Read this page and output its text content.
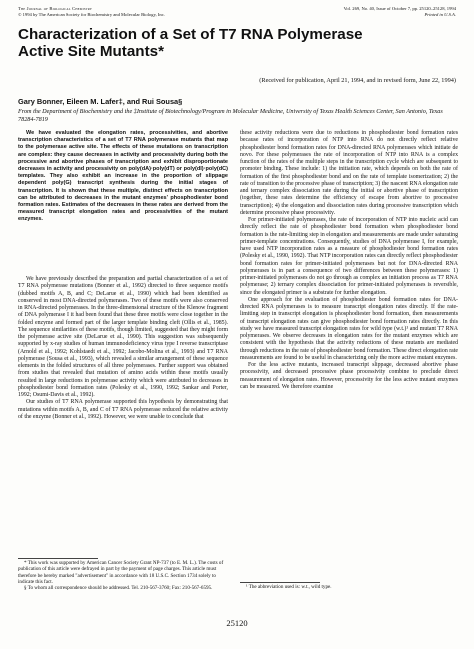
The Journal of Biological Chemistry
© 1994 by The American Society for Biochemistry and Molecular Biology, Inc.
Vol. 269, No. 40, Issue of October 7, pp. 25120–25128, 1994
Printed in U.S.A.
Characterization of a Set of T7 RNA Polymerase
Active Site Mutants*
(Received for publication, April 21, 1994, and in revised form, June 22, 1994)
Gary Bonner, Eileen M. Lafer‡, and Rui Sousa§
From the Department of Biochemistry and the ‡Institute of Biotechnology/Program in Molecular Medicine, University of Texas Health Sciences Center, San Antonio, Texas 78284-7819
We have evaluated the elongation rates, processivities, and abortive transcription characteristics of a set of T7 RNA polymerase mutants that map to the polymerase active site. The effects of these mutations on transcription are complex: they cause decreases in activity and processivity during both the processive and abortive phases of transcription and exhibit disproportionate decreases in activity and processivity on poly(dA)·poly(dT) or poly(dI)·poly(dC) templates. They also exhibit an increase in the proportion of slippage dependent poly(G) transcript synthesis during the initial stages of transcription. It is shown that these multiple, distinct effects on transcription can be attributed to decreases in the mutant enzymes' phosphodiester bond formation rates. Estimates of the decreases in these rates are derived from the measured transcript elongation rates and processivities of the mutant enzymes.

We have previously described the preparation and partial characterization of a set of T7 RNA polymerase mutations (Bonner et al., 1992) directed to three sequence motifs (dubbed motifs A, B, and C; DeLarue et al., 1990) which had been identified as conserved in most DNA-directed polymerases. Two of these motifs were also conserved in RNA-directed polymerases. In the three-dimensional structure of the Klenow fragment of DNA polymerase I it had been found that these three motifs were close together in the folded enzyme and formed part of the larger template binding cleft (Ollis et al., 1985). The sequence similarities of these motifs, though limited, suggested that they might form the polymerase active site (DeLarue et al., 1990). This suggestion was subsequently supported by x-ray studies of human immunodeficiency virus type I reverse transcriptase (Arnold et al., 1992; Kohlstaedt et al., 1992; Jacobo-Molina et al., 1993) and T7 RNA polymerase (Sousa et al., 1993), which revealed a similar arrangement of these sequence elements in the folded structures of all three polymerases. Further support was obtained from studies that revealed that mutation of amino acids within these motifs usually resulted in large reductions in polymerase activity which were attributed to decreases in phosphodiester bond formation rates (Polesky et al., 1990, 1992; Sankar and Porter, 1992; Osumi-Davis et al., 1992).

Our studies of T7 RNA polymerase supported this hypothesis by demonstrating that mutations within motifs A, B, and C of T7 RNA polymerase reduced the relative activity of the enzyme (Bonner et al., 1992). However, we were unable to conclude that

these activity reductions were due to reductions in phosphodiester bond formation rates because rates of incorporation of NTP into RNA do not directly reflect relative phosphodiester bond formation rates for DNA-directed RNA polymerases which initiate de novo. For these polymerases the rate of incorporation of NTP into RNA is a complex function of the rates of the multiple steps in the transcription cycle which are subsequent to promoter binding. These include: 1) the initiation rate, which depends on both the rate of formation of the first phosphodiester bond and on the rate of template isomerization; 2) the rate of transition to the processive phase of transcription; 3) the nascent RNA elongation rate and ternary complex dissociation rate during the initial or abortive phase of transcription (together, these rates determine the efficiency of escape from abortive to processive transcription); 4) the elongation and dissociation rates during processive transcription which determine processive phase processivity.

For primer-initiated polymerases, the rate of incorporation of NTP into nucleic acid can directly reflect the rate of phosphodiester bond formation when phosphodiester bond formation is the rate-limiting step in elongation and measurements are made under saturating primer-template concentrations. Consequently, studies of DNA polymerase I, for example, have used NTP incorporation rates as a measure of phosphodiester bond formation rates (Polesky et al., 1990, 1992). That NTP incorporation rates can directly reflect phosphodiester bond formation rates for primer-initiated polymerases but not for DNA-directed RNA polymerases is in part a consequence of two differences between these polymerases: 1) primer-initiated polymerases do not go through as complex an initiation process as T7 RNA polymerase; 2) ternary complex dissociation for primer-initiated polymerases is reversible, since the elongated primer is a substrate for further elongation.

One approach for the evaluation of phosphodiester bond formation rates for DNA-directed RNA polymerases is to measure transcript elongation rates directly. If the rate-limiting step in transcript elongation is phosphodiester bond formation, then measurements of transcript elongation rates can give phosphodiester bond formation rates directly. In this study we have measured transcript elongation rates for wild type (w.t.)¹ and mutant T7 RNA polymerases. We observe decreases in elongation rates for the mutant enzymes which are consistent with the hypothesis that the activity reductions of these mutants are mediated through reductions in the rate of phosphodiester bond formation. These direct elongation rate measurements are found to be useful in characterizing only the more active mutant enzymes.

For the less active mutants, increased transcript slippage, decreased abortive phase processivity, and decreased processive phase processivity combine to preclude direct measurement of elongation rates. However, processivity for the less active mutant enzymes can be measured. We therefore examine

* This work was supported by American Cancer Society Grant NP-737 (to E. M. L.). The costs of publication of this article were defrayed in part by the payment of page charges. This article must therefore be hereby marked "advertisement" in accordance with 18 U.S.C. Section 1734 solely to indicate this fact.

§ To whom all correspondence should be addressed. Tel. 210-567-3760; Fax: 210-567-6595.	¹ The abbreviation used is: w.t., wild type.
25120
